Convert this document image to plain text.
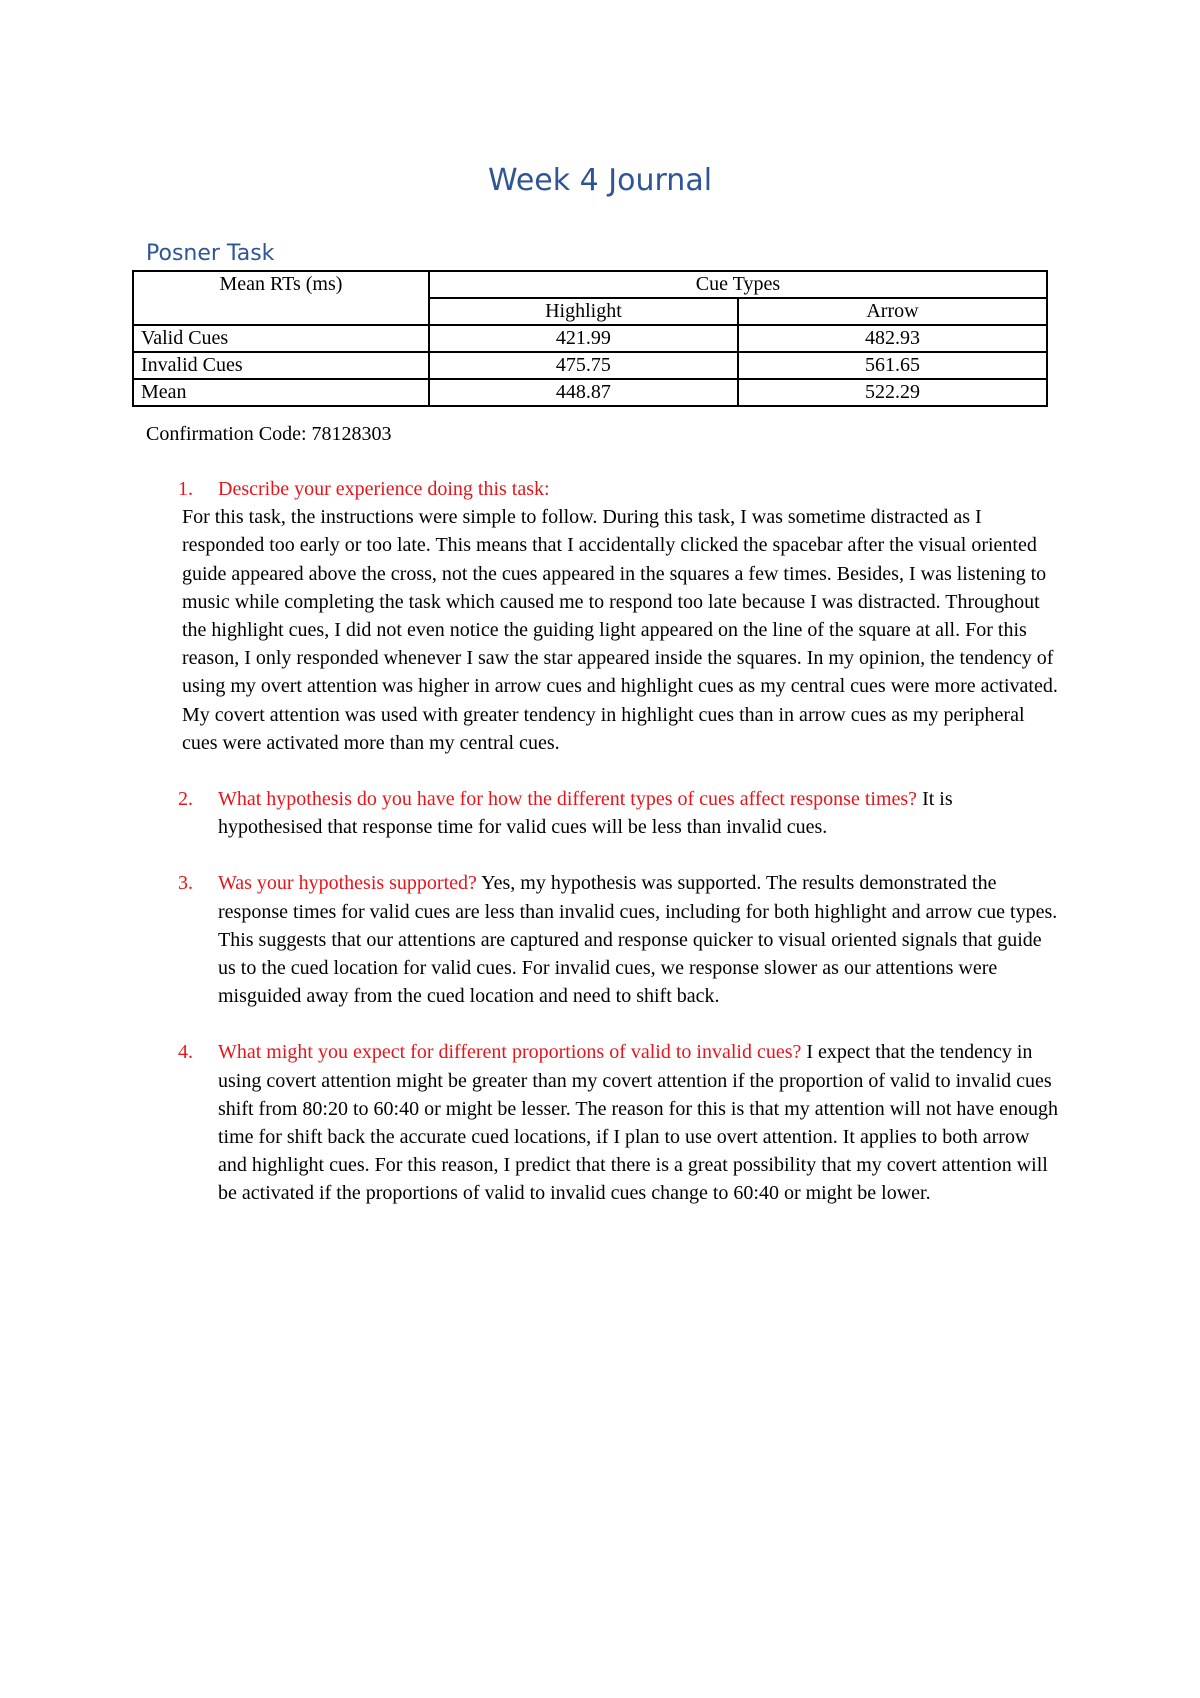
Week 4 Journal
Posner Task
Mean RTs (ms)	Cue Types	
	Highlight	Arrow
Valid Cues	421.99	482.93
Invalid Cues	475.75	561.65
Mean	448.87	522.29
Confirmation Code: 78128303
1. Describe your experience doing this task:
For this task, the instructions were simple to follow. During this task, I was sometime distracted as I responded too early or too late. This means that I accidentally clicked the spacebar after the visual oriented guide appeared above the cross, not the cues appeared in the squares a few times. Besides, I was listening to music while completing the task which caused me to respond too late because I was distracted. Throughout the highlight cues, I did not even notice the guiding light appeared on the line of the square at all. For this reason, I only responded whenever I saw the star appeared inside the squares. In my opinion, the tendency of using my overt attention was higher in arrow cues and highlight cues as my central cues were more activated. My covert attention was used with greater tendency in highlight cues than in arrow cues as my peripheral cues were activated more than my central cues.
2. What hypothesis do you have for how the different types of cues affect response times? It is hypothesised that response time for valid cues will be less than invalid cues.
3. Was your hypothesis supported? Yes, my hypothesis was supported. The results demonstrated the response times for valid cues are less than invalid cues, including for both highlight and arrow cue types. This suggests that our attentions are captured and response quicker to visual oriented signals that guide us to the cued location for valid cues. For invalid cues, we response slower as our attentions were misguided away from the cued location and need to shift back.
4. What might you expect for different proportions of valid to invalid cues? I expect that the tendency in using covert attention might be greater than my covert attention if the proportion of valid to invalid cues shift from 80:20 to 60:40 or might be lesser. The reason for this is that my attention will not have enough time for shift back the accurate cued locations, if I plan to use overt attention. It applies to both arrow and highlight cues. For this reason, I predict that there is a great possibility that my covert attention will be activated if the proportions of valid to invalid cues change to 60:40 or might be lower.
